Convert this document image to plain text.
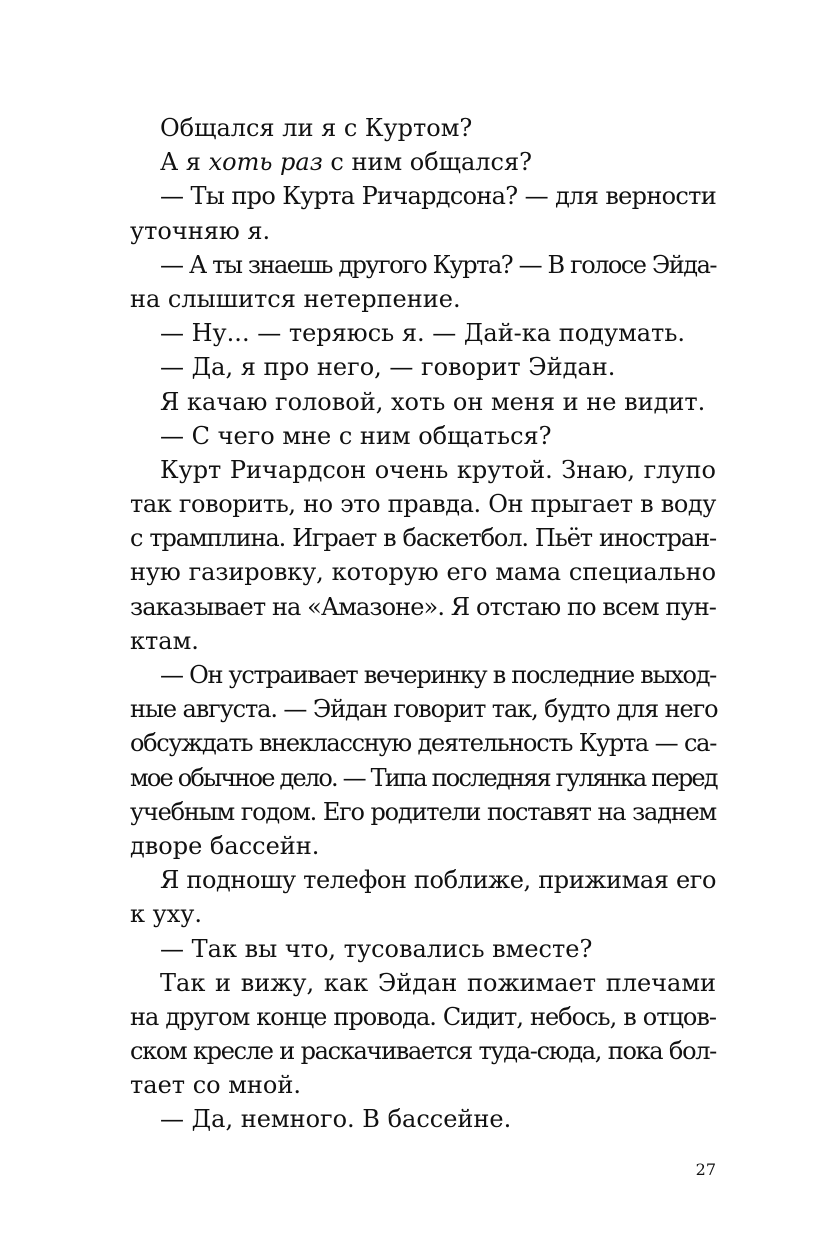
Общался ли я с Куртом?
А я хоть раз с ним общался?
— Ты про Курта Ричардсона? — для верности
уточняю я.
— А ты знаешь другого Курта? — В голосе Эйда-
на слышится нетерпение.
— Ну... — теряюсь я. — Дай-ка подумать.
— Да, я про него, — говорит Эйдан.
Я качаю головой, хоть он меня и не видит.
— С чего мне с ним общаться?
Курт Ричардсон очень крутой. Знаю, глупо
так говорить, но это правда. Он прыгает в воду
с трамплина. Играет в баскетбол. Пьёт иностран-
ную газировку, которую его мама специально
заказывает на «Амазоне». Я отстаю по всем пун-
ктам.
— Он устраивает вечеринку в последние выход-
ные августа. — Эйдан говорит так, будто для него
обсуждать внеклассную деятельность Курта — са-
мое обычное дело. — Типа последняя гулянка перед
учебным годом. Его родители поставят на заднем
дворе бассейн.
Я подношу телефон поближе, прижимая его
к уху.
— Так вы что, тусовались вместе?
Так и вижу, как Эйдан пожимает плечами
на другом конце провода. Сидит, небось, в отцов-
ском кресле и раскачивается туда-сюда, пока бол-
тает со мной.
— Да, немного. В бассейне.
27
